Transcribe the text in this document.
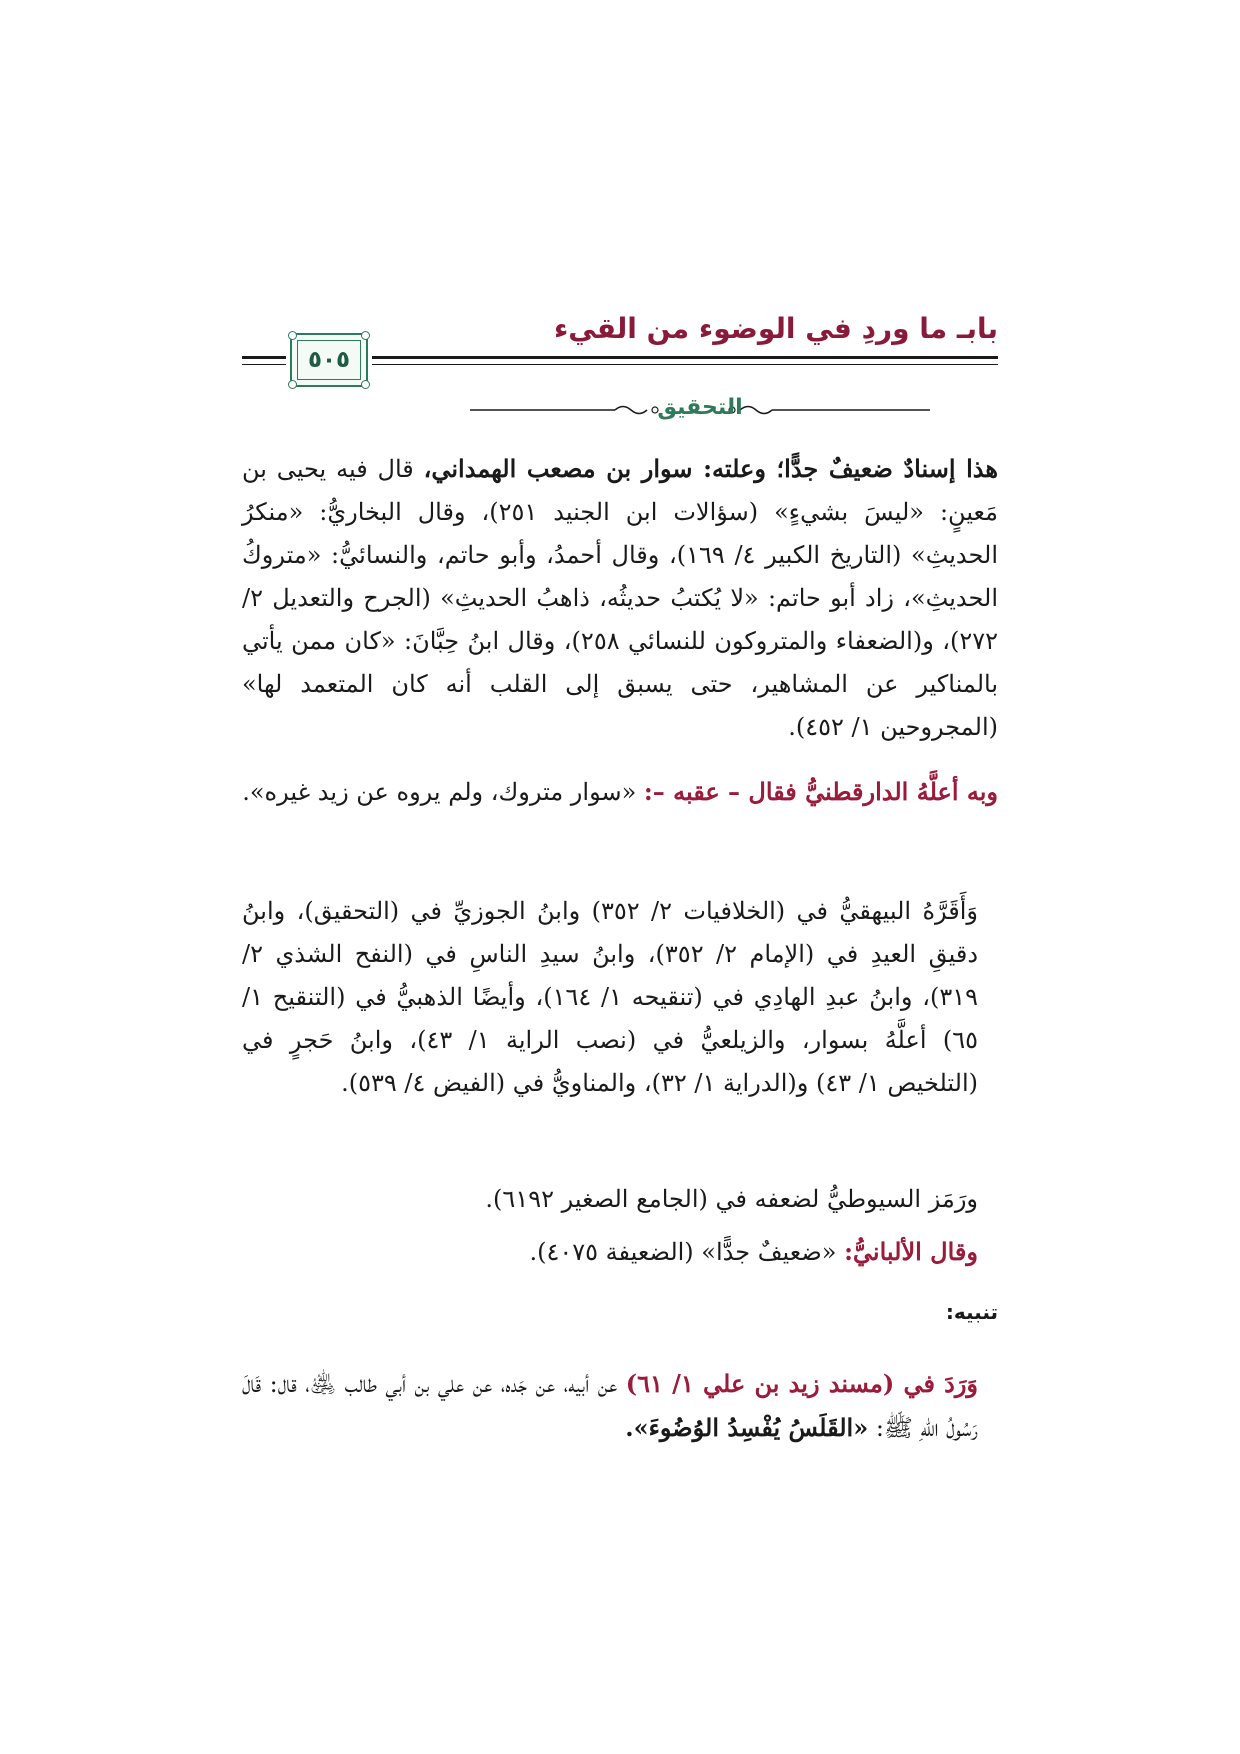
بابـ ما وردِ في الوضوء من القيء
٥٠٥
التحقيق

هذا إسنادٌ ضعيفٌ جدًّا؛ وعلته: سوار بن مصعب الهمداني، قال فيه يحيى بن مَعينٍ: «ليسَ بشيءٍ» (سؤالات ابن الجنيد ٢٥١)، وقال البخاريُّ: «منكرُ الحديثِ» (التاريخ الكبير ٤/ ١٦٩)، وقال أحمدُ، وأبو حاتم، والنسائيُّ: «متروكُ الحديثِ»، زاد أبو حاتم: «لا يُكتبُ حديثُه، ذاهبُ الحديثِ» (الجرح والتعديل ٢/ ٢٧٢)، و(الضعفاء والمتروكون للنسائي ٢٥٨)، وقال ابنُ حِبَّانَ: «كان ممن يأتي بالمناكير عن المشاهير، حتى يسبق إلى القلب أنه كان المتعمد لها» (المجروحين ١/ ٤٥٢).

وبه أعلَّهُ الدارقطنيُّ فقال – عقبه –: «سوار متروك، ولم يروه عن زيد غيره».

وَأَقَرَّهُ البيهقيُّ في (الخلافيات ٢/ ٣٥٢) وابنُ الجوزيِّ في (التحقيق)، وابنُ دقيقِ العيدِ في (الإمام ٢/ ٣٥٢)، وابنُ سيدِ الناسِ في (النفح الشذي ٢/ ٣١٩)، وابنُ عبدِ الهادِي في (تنقيحه ١/ ١٦٤)، وأيضًا الذهبيُّ في (التنقيح ١/ ٦٥) أعلَّهُ بسوار، والزيلعيُّ في (نصب الراية ١/ ٤٣)، وابنُ حَجرٍ في (التلخيص ١/ ٤٣) و(الدراية ١/ ٣٢)، والمناويُّ في (الفيض ٤/ ٥٣٩).

ورَمَز السيوطيُّ لضعفه في (الجامع الصغير ٦١٩٢).

وقال الألبانيُّ: «ضعيفٌ جدًّا» (الضعيفة ٤٠٧٥).

تنبيه:

وَرَدَ في (مسند زيد بن علي ١/ ٦١) عن أبيه، عن جَده، عن علي بن أبي طالب ﵁، قال: قَالَ رَسُولُ اللهِ ﷺ: «القَلَسُ يُفْسِدُ الوُضُوءَ».
